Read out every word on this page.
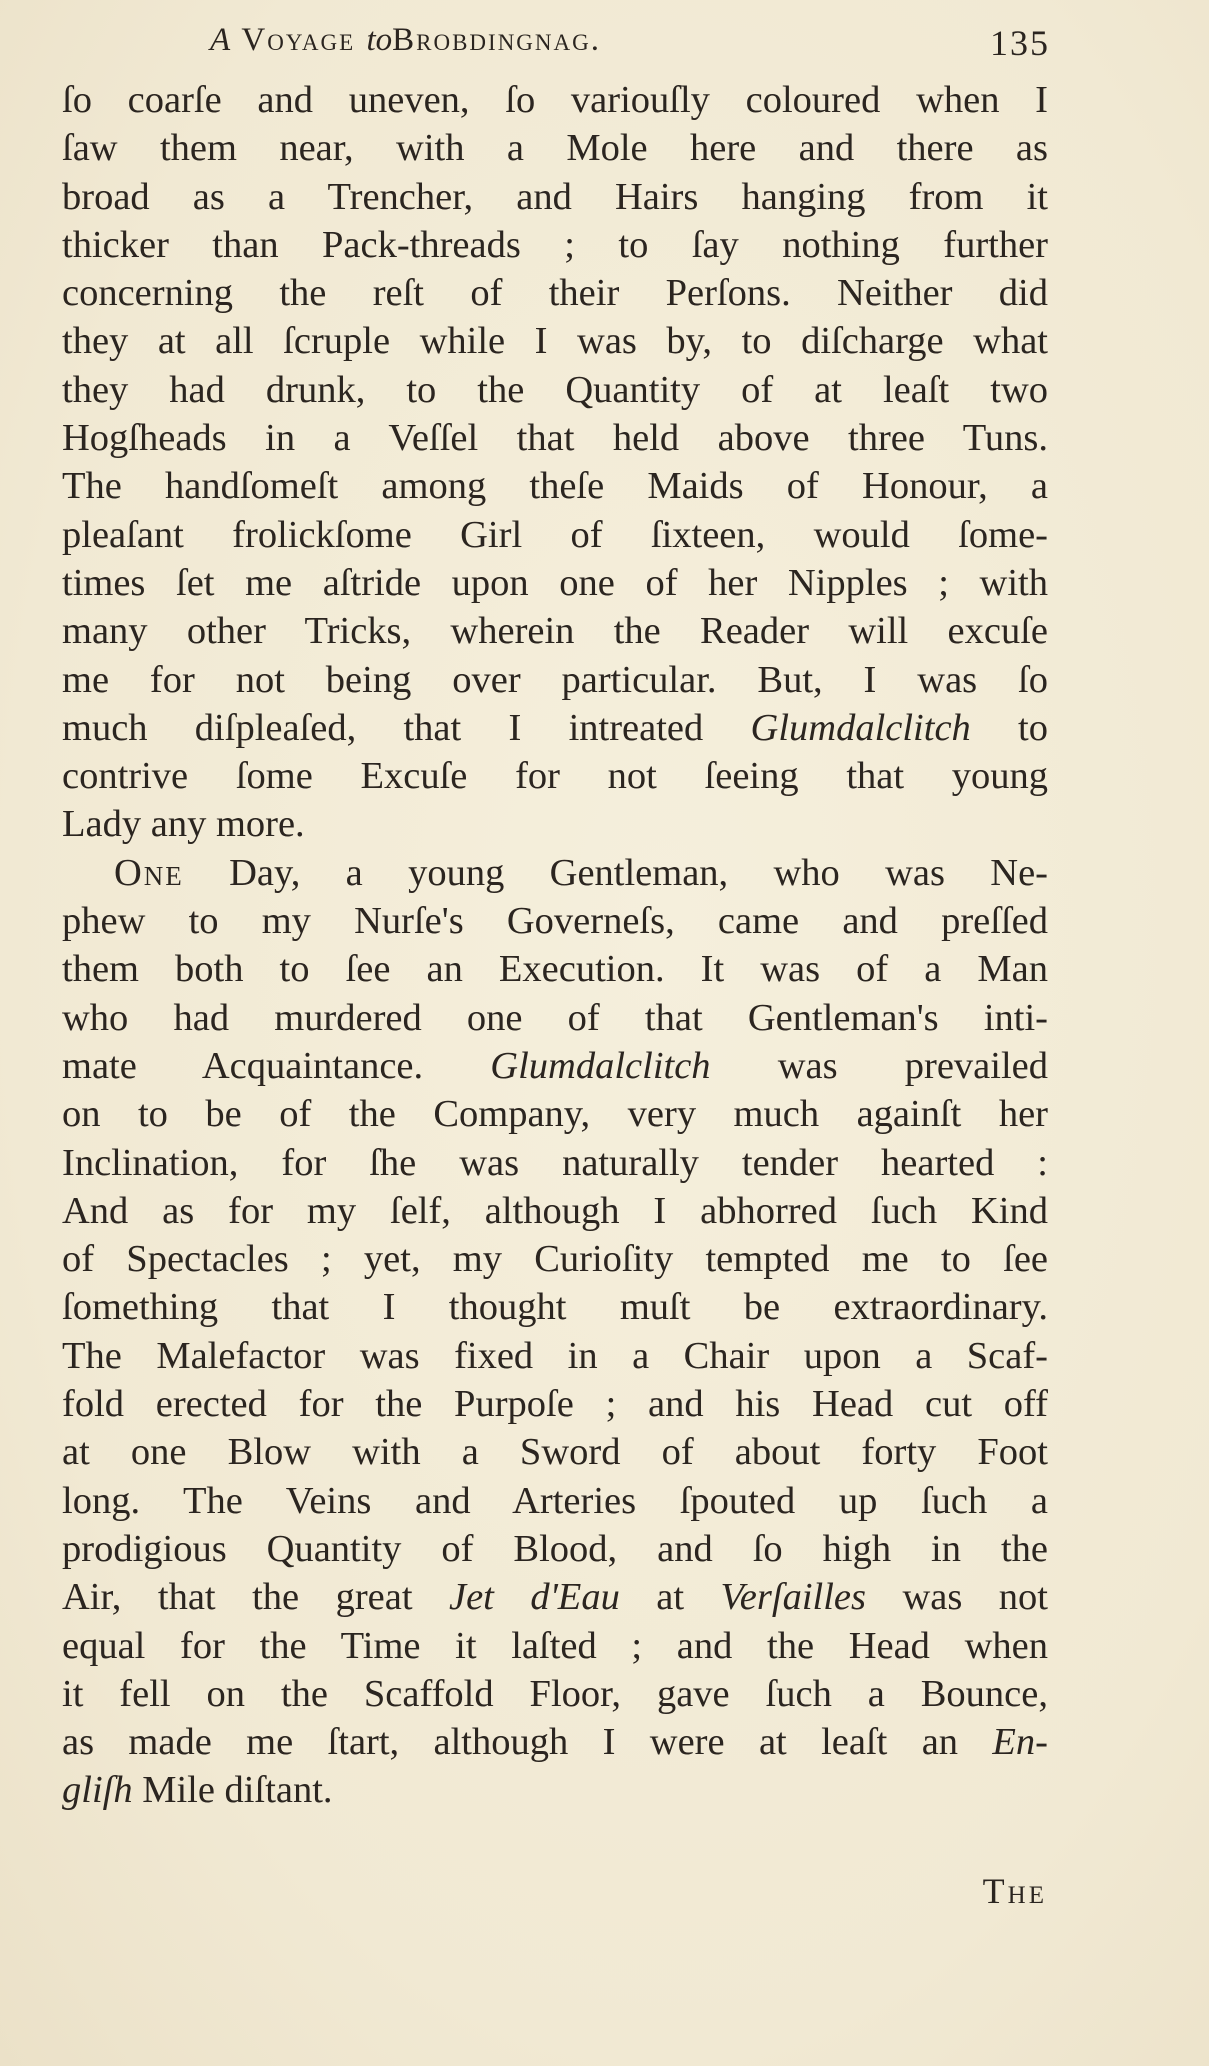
A Voyage toBrobdingnag.	135
ſo coarſe and uneven, ſo variouſly coloured when I
ſaw them near, with a Mole here and there as
broad as a Trencher, and Hairs hanging from it
thicker than Pack-threads ; to ſay nothing further
concerning the reſt of their Perſons. Neither did
they at all ſcruple while I was by, to diſcharge what
they had drunk, to the Quantity of at leaſt two
Hogſheads in a Veſſel that held above three Tuns.
The handſomeſt among theſe Maids of Honour, a
pleaſant frolickſome Girl of ſixteen, would ſome-
times ſet me aſtride upon one of her Nipples ; with
many other Tricks, wherein the Reader will excuſe
me for not being over particular. But, I was ſo
much diſpleaſed, that I intreated Glumdalclitch to
contrive ſome Excuſe for not ſeeing that young
Lady any more.
One Day, a young Gentleman, who was Ne-
phew to my Nurſe's Governeſs, came and preſſed
them both to ſee an Execution. It was of a Man
who had murdered one of that Gentleman's inti-
mate Acquaintance. Glumdalclitch was prevailed
on to be of the Company, very much againſt her
Inclination, for ſhe was naturally tender hearted :
And as for my ſelf, although I abhorred ſuch Kind
of Spectacles ; yet, my Curioſity tempted me to ſee
ſomething that I thought muſt be extraordinary.
The Malefactor was fixed in a Chair upon a Scaf-
fold erected for the Purpoſe ; and his Head cut off
at one Blow with a Sword of about forty Foot
long. The Veins and Arteries ſpouted up ſuch a
prodigious Quantity of Blood, and ſo high in the
Air, that the great Jet d'Eau at Verſailles was not
equal for the Time it laſted ; and the Head when
it fell on the Scaffold Floor, gave ſuch a Bounce,
as made me ſtart, although I were at leaſt an En-
gliſh Mile diſtant.
The
